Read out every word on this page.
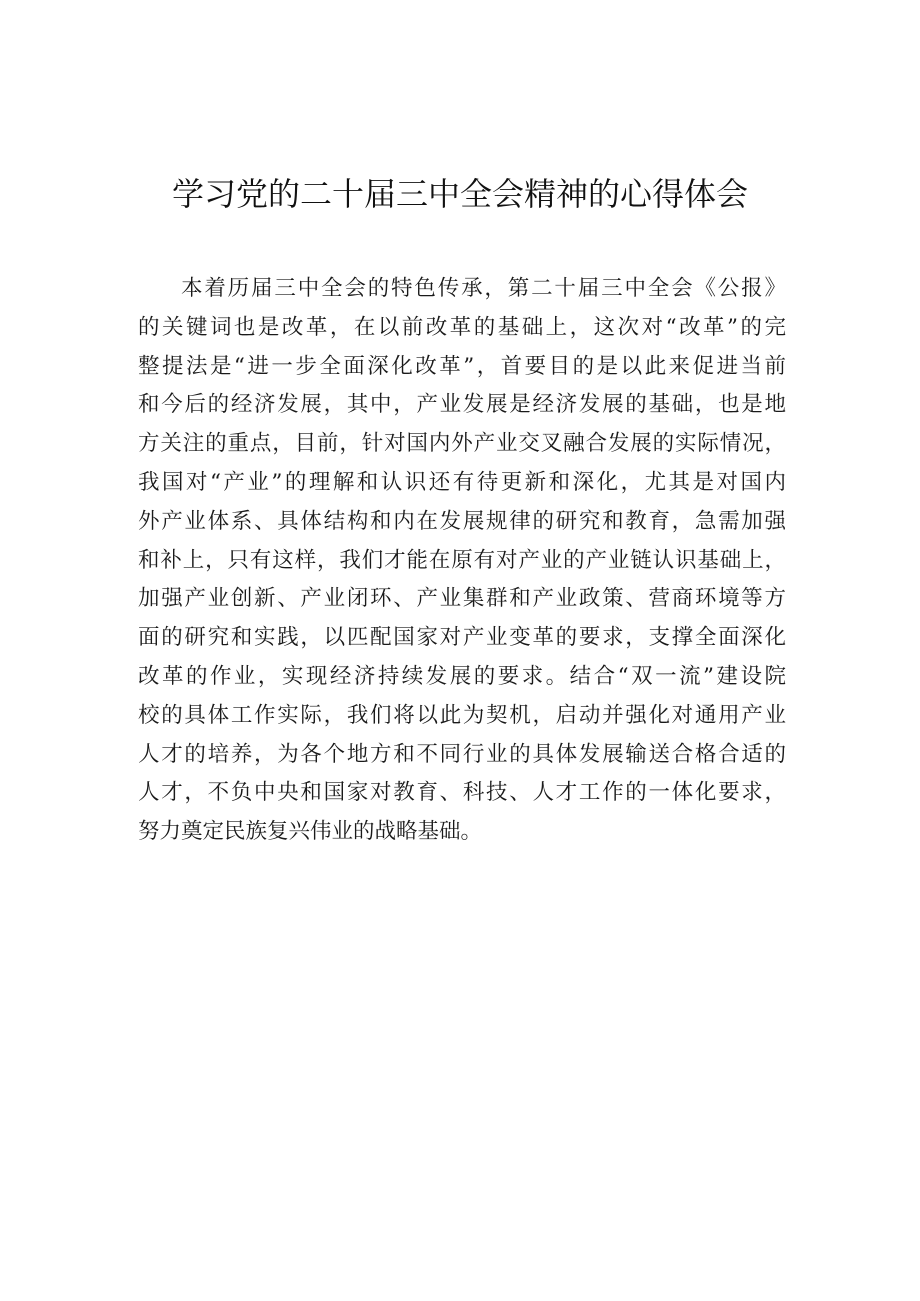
学习党的二十届三中全会精神的心得体会
本着历届三中全会的特色传承，第二十届三中全会《公报》
的关键词也是改革，在以前改革的基础上，这次对“改革”的完
整提法是“进一步全面深化改革”，首要目的是以此来促进当前
和今后的经济发展，其中，产业发展是经济发展的基础，也是地
方关注的重点，目前，针对国内外产业交叉融合发展的实际情况，
我国对“产业”的理解和认识还有待更新和深化，尤其是对国内
外产业体系、具体结构和内在发展规律的研究和教育，急需加强
和补上，只有这样，我们才能在原有对产业的产业链认识基础上，
加强产业创新、产业闭环、产业集群和产业政策、营商环境等方
面的研究和实践，以匹配国家对产业变革的要求，支撑全面深化
改革的作业，实现经济持续发展的要求。结合“双一流”建设院
校的具体工作实际，我们将以此为契机，启动并强化对通用产业
人才的培养，为各个地方和不同行业的具体发展输送合格合适的
人才，不负中央和国家对教育、科技、人才工作的一体化要求，
努力奠定民族复兴伟业的战略基础。
